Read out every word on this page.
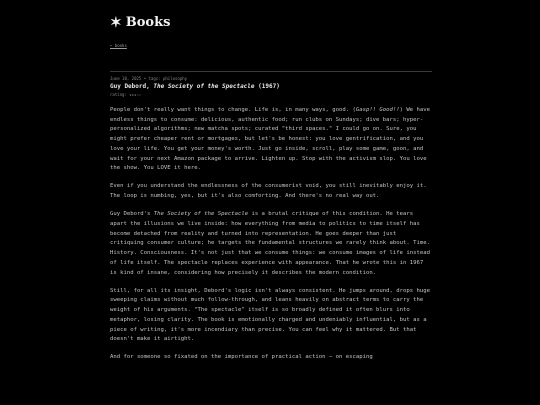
✶ Books
← books
June 10, 2025 • tags: philosophy
Guy Debord, The Society of the Spectacle (1967)
rating: ★★★☆☆

People don't really want things to change. Life is, in many ways, good. (Gasp!! Good!!) We have endless things to consume: delicious, authentic food; run clubs on Sundays; dive bars; hyper-personalized algorithms; new matcha spots; curated "third spaces." I could go on. Sure, you might prefer cheaper rent or mortgages, but let's be honest: you love gentrification, and you love your life. You get your money's worth. Just go inside, scroll, play some game, goon, and wait for your next Amazon package to arrive. Lighten up. Stop with the activism slop. You love the show. You LOVE it here.

Even if you understand the endlessness of the consumerist void, you still inevitably enjoy it. The loop is numbing, yes, but it's also comforting. And there's no real way out.

Guy Debord's The Society of the Spectacle is a brutal critique of this condition. He tears apart the illusions we live inside: how everything from media to politics to time itself has become detached from reality and turned into representation. He goes deeper than just critiquing consumer culture; he targets the fundamental structures we rarely think about. Time. History. Consciousness. It's not just that we consume things: we consume images of life instead of life itself. The spectacle replaces experience with appearance. That he wrote this in 1967 is kind of insane, considering how precisely it describes the modern condition.

Still, for all its insight, Debord's logic isn't always consistent. He jumps around, drops huge sweeping claims without much follow-through, and leans heavily on abstract terms to carry the weight of his arguments. "The spectacle" itself is so broadly defined it often blurs into metaphor, losing clarity. The book is emotionally charged and undeniably influential, but as a piece of writing, it's more incendiary than precise. You can feel why it mattered. But that doesn't make it airtight.

And for someone so fixated on the importance of practical action — on escaping
